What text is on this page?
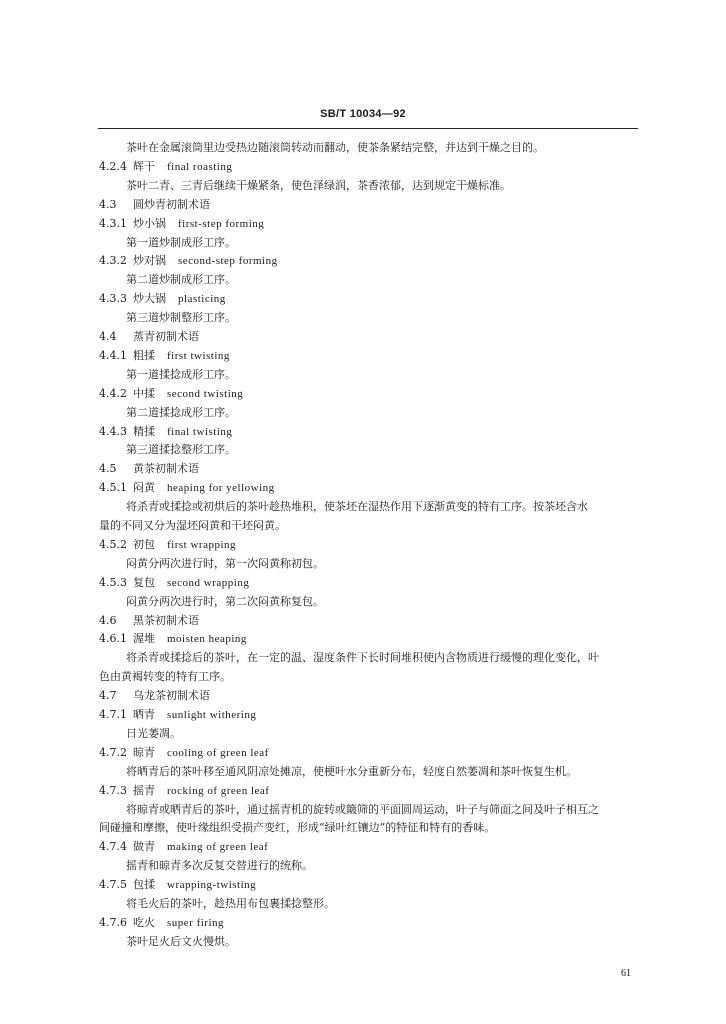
SB/T 10034—92
茶叶在金属滚筒里边受热边随滚筒转动而翻动，使茶条紧结完整，并达到干燥之目的。
4.2.4 辉干 final roasting
茶叶二青、三青后继续干燥紧条，使色泽绿润，茶香浓郁，达到规定干燥标准。
4.3 圆炒青初制术语
4.3.1 炒小锅 first-step forming
第一道炒制成形工序。
4.3.2 炒对锅 second-step forming
第二道炒制成形工序。
4.3.3 炒大锅 plasticing
第三道炒制整形工序。
4.4 蒸青初制术语
4.4.1 粗揉 first twisting
第一道揉捻成形工序。
4.4.2 中揉 second twisting
第二道揉捻成形工序。
4.4.3 精揉 final twisting
第三道揉捻整形工序。
4.5 黄茶初制术语
4.5.1 闷黄 heaping for yellowing
将杀青或揉捻或初烘后的茶叶趁热堆积，使茶坯在湿热作用下逐渐黄变的特有工序。按茶坯含水
量的不同又分为湿坯闷黄和干坯闷黄。
4.5.2 初包 first wrapping
闷黄分两次进行时，第一次闷黄称初包。
4.5.3 复包 second wrapping
闷黄分两次进行时，第二次闷黄称复包。
4.6 黑茶初制术语
4.6.1 渥堆 moisten heaping
将杀青或揉捻后的茶叶，在一定的温、湿度条件下长时间堆积使内含物质进行缓慢的理化变化，叶
色由黄褐转变的特有工序。
4.7 乌龙茶初制术语
4.7.1 晒青 sunlight withering
日光萎凋。
4.7.2 晾青 cooling of green leaf
将晒青后的茶叶移至通风阴凉处摊凉，使梗叶水分重新分布，轻度自然萎凋和茶叶恢复生机。
4.7.3 摇青 rocking of green leaf
将晾青或晒青后的茶叶，通过摇青机的旋转或簸筛的平面圆周运动，叶子与筛面之间及叶子相互之
间碰撞和摩擦，使叶缘组织受损产变红，形成“绿叶红镶边”的特征和特有的香味。
4.7.4 做青 making of green leaf
摇青和晾青多次反复交替进行的统称。
4.7.5 包揉 wrapping-twisting
将毛火后的茶叶，趁热用布包裹揉捻整形。
4.7.6 吃火 super firing
茶叶足火后文火慢烘。
61
